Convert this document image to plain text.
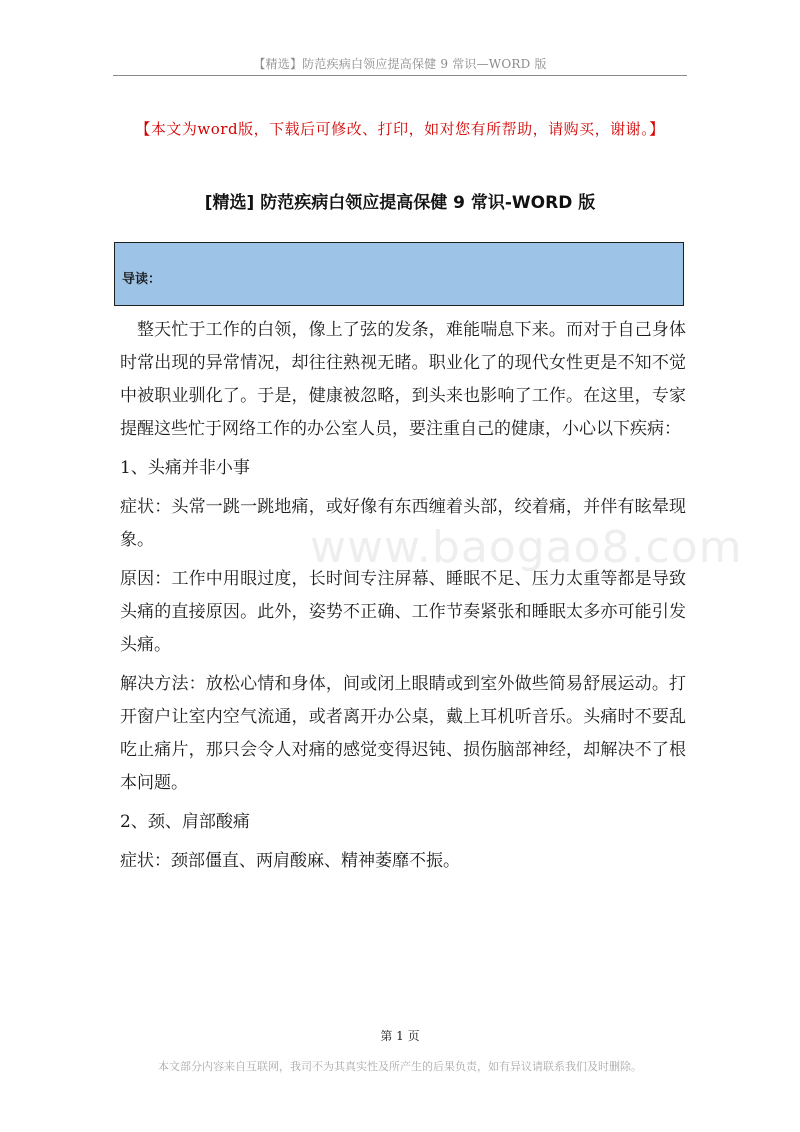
【精选】防范疾病白领应提高保健 9 常识—WORD 版
【本文为word版，下载后可修改、打印，如对您有所帮助，请购买，谢谢。】
[精选] 防范疾病白领应提高保健 9 常识-WORD 版
导读：
www.baogao8.com

整天忙于工作的白领，像上了弦的发条，难能喘息下来。而对于自己身体时常出现的异常情况，却往往熟视无睹。职业化了的现代女性更是不知不觉中被职业驯化了。于是，健康被忽略，到头来也影响了工作。在这里，专家提醒这些忙于网络工作的办公室人员，要注重自己的健康，小心以下疾病：

1、头痛并非小事

症状：头常一跳一跳地痛，或好像有东西缠着头部，绞着痛，并伴有眩晕现象。

原因：工作中用眼过度，长时间专注屏幕、睡眠不足、压力太重等都是导致头痛的直接原因。此外，姿势不正确、工作节奏紧张和睡眠太多亦可能引发头痛。

解决方法：放松心情和身体，间或闭上眼睛或到室外做些简易舒展运动。打开窗户让室内空气流通，或者离开办公桌，戴上耳机听音乐。头痛时不要乱吃止痛片，那只会令人对痛的感觉变得迟钝、损伤脑部神经，却解决不了根本问题。

2、颈、肩部酸痛

症状：颈部僵直、两肩酸麻、精神萎靡不振。

第 1 页
本文部分内容来自互联网，我司不为其真实性及所产生的后果负责，如有异议请联系我们及时删除。
